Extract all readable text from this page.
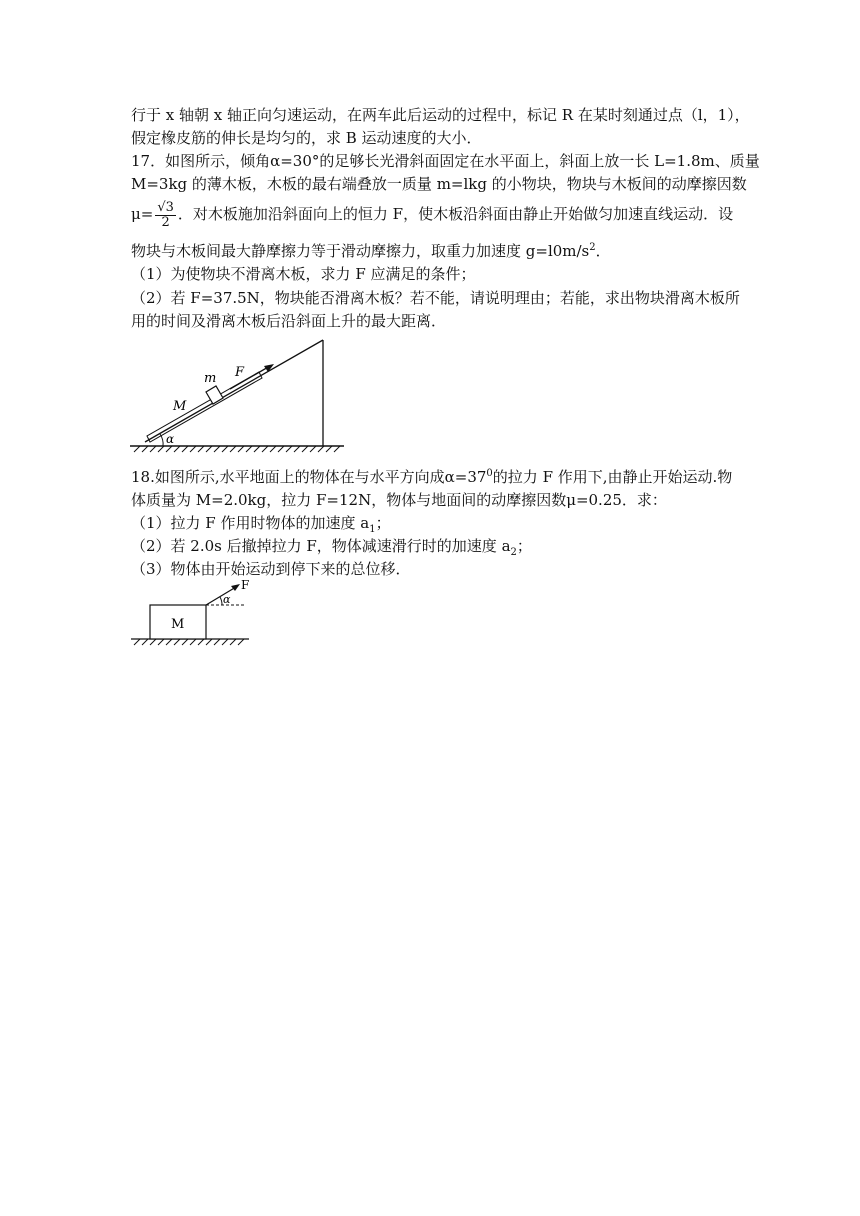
行于 x 轴朝 x 轴正向匀速运动，在两车此后运动的过程中，标记 R 在某时刻通过点（l，1），
假定橡皮筋的伸长是均匀的，求 B 运动速度的大小．
17．如图所示，倾角α=30°的足够长光滑斜面固定在水平面上，斜面上放一长 L=1.8m、质量
M=3kg 的薄木板，木板的最右端叠放一质量 m=lkg 的小物块，物块与木板间的动摩擦因数
$\mu= \frac{√3}{2}$ ．对木板施加沿斜面向上的恒力 F，使木板沿斜面由静止开始做匀加速直线运动．设
物块与木板间最大静摩擦力等于滑动摩擦力，取重力加速度 $g=l0m/s^2$．
（1）为使物块不滑离木板，求力 F 应满足的条件；
（2）若 F=37.5N，物块能否滑离木板？若不能，请说明理由；若能，求出物块滑离木板所
用的时间及滑离木板后沿斜面上升的最大距离．
m F
M
α
18.如图所示,水平地面上的物体在与水平方向成$\alpha=37^0$的拉力 F 作用下,由静止开始运动.物
体质量为 M=2.0kg，拉力 F=12N，物体与地面间的动摩擦因数μ=0.25．求：
（1）拉力 F 作用时物体的加速度 $a_1$；
（2）若 2.0s 后撤掉拉力 F，物体减速滑行时的加速度 $a_2$；
（3）物体由开始运动到停下来的总位移．
M
F
α
